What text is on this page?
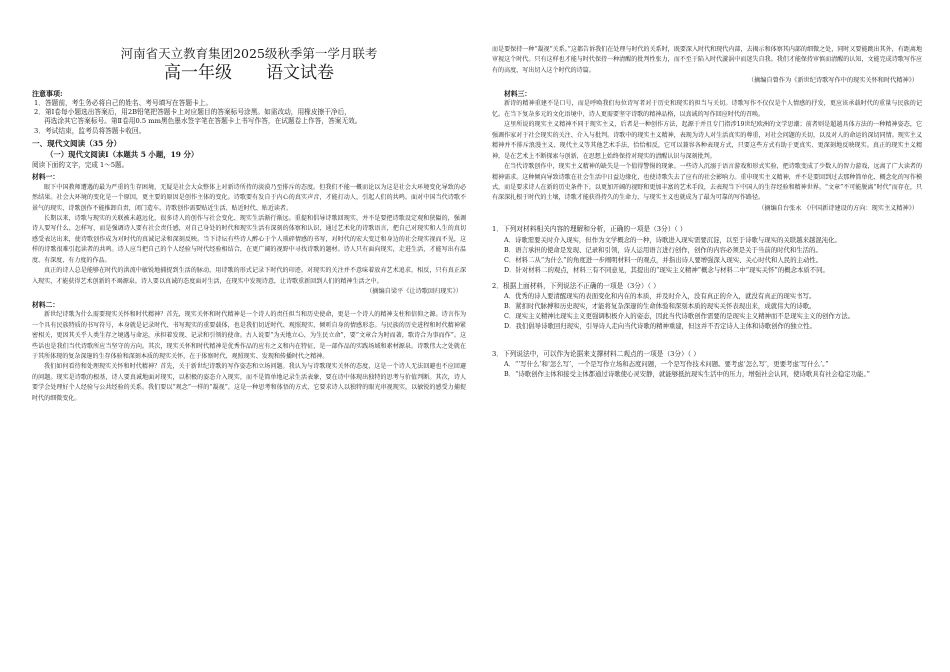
河南省天立教育集团2025级秋季第一学月联考
高一年级 语文试卷
注意事项:
1．答题前，考生务必将自己的姓名、考号填写在答题卡上。
2．第Ⅰ卷每小题选出答案后，用2B铅笔把答题卡上对应题目的答案标号涂黑。如需改动，用橡皮擦干净后，
再选涂其它答案标号。第Ⅱ卷用0.5 mm黑色墨水签字笔在答题卡上书写作答，在试题卷上作答，答案无效。
3．考试结束，监考员将答题卡收回。
一、现代文阅读（35 分）
（一）现代文阅读Ⅰ（本题共 5 小题，19 分）
阅读下面的文字，完成 1～5题。
材料一：

眼下中国教师遭遇的最为严重的生存困境，无疑是社会大众整体上对新诗所持的淡漠乃至排斥的态度。但我们不能一概而论以为这是社会大环境变化导致的必然结果。社会大环境的变化是一个原因，更主要的原因是创作主体的变化。诗歌要有发自于内心的真实声音，才能打动人，引起人们的共鸣。面对中国当代诗歌不景气的现实，诗歌创作不能推卸自责，闭门造车。诗歌创作需要贴近生活、贴近时代、贴近读者。

长期以来，诗歌与现实的关联被未越远化，很多诗人的创作与社会变化、现实生活渐行渐远。重提和倡导诗歌回现实，并不是要把诗歌设定观和狭隘的，强调诗人要写什么、怎样写，而是强调诗人要有社会责任感，对自己身处的时代和现实生活有深刻的体察和认识，通过艺术化的诗歌语言，把自己对现实和人生的真切感受表达出来，使诗歌创作成为对时代的真诚记录和深刻反映。当下诗坛有些诗人醉心于个人琐碎情感的书写，对时代的宏大变迁和身边的社会现实视而不见，这样的诗歌很难引起读者的共鸣。诗人应当把自己的个人经验与时代经验相结合，在更广阔的视野中寻找诗歌的题材。诗人只有面向现实，走进生活，才能写出有温度、有深度、有力度的作品。

真正的诗人总是能够在时代的洪流中敏锐地捕捉到生活的脉动，用诗歌的形式记录下时代的印迹。对现实的关注并不意味着放弃艺术追求，相反，只有真正深入现实，才能获得艺术创新的不竭源泉。诗人要以真诚的态度面对生活，在现实中发现诗意，让诗歌重新回到人们的精神生活之中。

（摘编自梁平《让诗歌回归现实》）
材料二：

新世纪诗歌为什么需要现实关怀和时代精神？首先，现实关怀和时代精神是一个诗人的责任担当和历史使命，更是一个诗人的精神支柱和信仰之源。诗言作为一个具有民族特质的书写符号，本身就是记录时代、书写现实的重要载体，也是我们切近时代、观照现实、倾听自身的情感形态。与民族的历史进程和时代精神紧密相关，更因其关乎人类生存之境遇与命运，承担着发现、记录和引领的使命。古人说要“为天地立心，为生民立命”，要“文章合为时而著，歌诗合为事而作”。这些话也是我们当代诗歌所应当坚守的方向。其次，现实关怀和时代精神是优秀作品的应有之义和内在特征，是一部作品的实践场域和素材源泉。诗歌伟大之处就在于其所体现的复杂深邃的生存体验和深刻本质的现实关怀，在于体察时代、观照现实、发现和传播时代之精神。

我们如何看待和处理现实关怀和时代精神？首先，关于新世纪诗歌的写作姿态和立场问题。我认为与诗歌现实关怀的态度，这是一个诗人无法回避也不应回避的问题。现实是诗歌的根基，诗人要真诚地面对现实，以积极的姿态介入现实，而不是简单地记录生活表象，要在诗中体现出独特的思考与价值判断。其次，诗人要学会处理好个人经验与公共经验的关系。我们要以“观念”一样的“凝视”，这是一种思考和体悟的方式，它要求诗人以独特的眼光审视现实，以敏锐的感受力捕捉时代的细微变化。

而是要保持一种“凝视”关系。”这都告诉我们在处理与时代的关系时，既要深入时代和现代内部，去揭示和体察其内部的细微之处，同时又要能跳出其外，有距离地审视这个时代。只有这样也才能与时代保持一种清醒的批判性张力，而不至于陷入时代漩涡中而迷失自我。我们才能保持审慎而清醒的认知，文能完成诗歌写作应有的高度，写出切入这个时代的诗篇。

（摘编自曾作为《新世纪诗歌写作中的现实关怀和时代精神》）
材料三：

新诗的精神重建不是口号，而是呼唤我们每位诗写者对于历史和现实的担当与关切。诗歌写作不仅仅是个人情感的抒发，更应该承载时代的重量与民族的记忆。在当下复杂多元的文化语境中，诗人更需要坚守诗歌的精神品格，以真诚的写作回应时代的召唤。

这里所说的现实主义精神不同于现实主义，后者是一种创作方法，起源于并且专门指涉19世纪欧洲的文学思潮；前者则是超越具体方法的一种精神姿态，它强调作家对于社会现实的关注、介入与批判。诗歌中的现实主义精神，表现为诗人对生活真实的尊重，对社会问题的关切，以及对人的命运的深切同情。现实主义精神并不排斥浪漫主义、现代主义等其他艺术手法，恰恰相反，它可以兼容各种表现方式，只要这些方式有助于更真实、更深刻地反映现实。真正的现实主义精神，是在艺术上不断探索与创新，在思想上始终保持对现实的清醒认识与深刻批判。

在当代诗歌创作中，现实主义精神的缺失是一个值得警惕的现象。一些诗人沉溺于语言游戏和形式实验，把诗歌变成了少数人的智力游戏，远离了广大读者的精神需求。这种倾向导致诗歌在社会生活中日益边缘化，也使诗歌失去了应有的社会影响力。重申现实主义精神，并不是要回到过去那种简单化、概念化的写作模式，而是要求诗人在新的历史条件下，以更加开阔的视野和更加丰富的艺术手段，去表现当下中国人的生存经验和精神世界。“文章”不可能脱离“时代”而存在，只有深深扎根于时代的土壤，诗歌才能获得持久的生命力，与现实主义也就成为了最为可靠的写作路径。

（摘编自台张永 《中国新诗建设的方向：现实主义精神》）
1．下列对材料相关内容的理解和分析，正确的一项是（3分）（ ）
A．诗歌需要关时介入现实，但作为文学概念的一种，诗歌进入现实需要沉淀，以至于诗歌与现实的关联越来越混沌化。
B．语言承担的使命是发现、记录和引领，诗人运用语言进行创作，创作的内容必须是关于当前的时代和生活的。
C．材料二从“为什么”的角度进一步阐明材料一的观点，并指出诗人要增强深入现实、关心时代和人民的主动性。
D．针对材料二的观点，材料三有不同意见，其提出的“现实主义精神”概念与材料二中“现实关怀”的概念本质不同。
2．根据上面材料，下列说法不正确的一项是（3分）（ ）
A．优秀的诗人要清醒现实的表面变化和内在的本质，并及时介入，没有真正的介入，就没有真正的现实书写。
B．紧扣时代脉搏和历史现实，才能将复杂深邃的生命体验和深刻本质的现实关怀表现出来，成就伟大的诗歌。
C．现实主义精神比现实主义更强调积极介入的姿态，因此当代诗歌创作需要的是现实主义精神而不是现实主义的创作方法。
D．我们倡导诗歌回归现实，引导诗人走向当代诗歌的精神重建，但这并不否定诗人主体和诗歌创作的独立性。
3．下列说法中，可以作为论据来支撑材料二观点的一项是（3分）（ ）
A．“‘写什么’和‘怎么写’，一个是写作立场和态度问题，一个是写作技术问题。要考虑‘怎么写’，更要考虑‘写什么’。”
B．“诗歌创作主体和接受主体都通过诗歌使心灵安静，就能够抵抗现实生活中的压力，增强社会认同，使诗歌具有社会稳定功能。”
